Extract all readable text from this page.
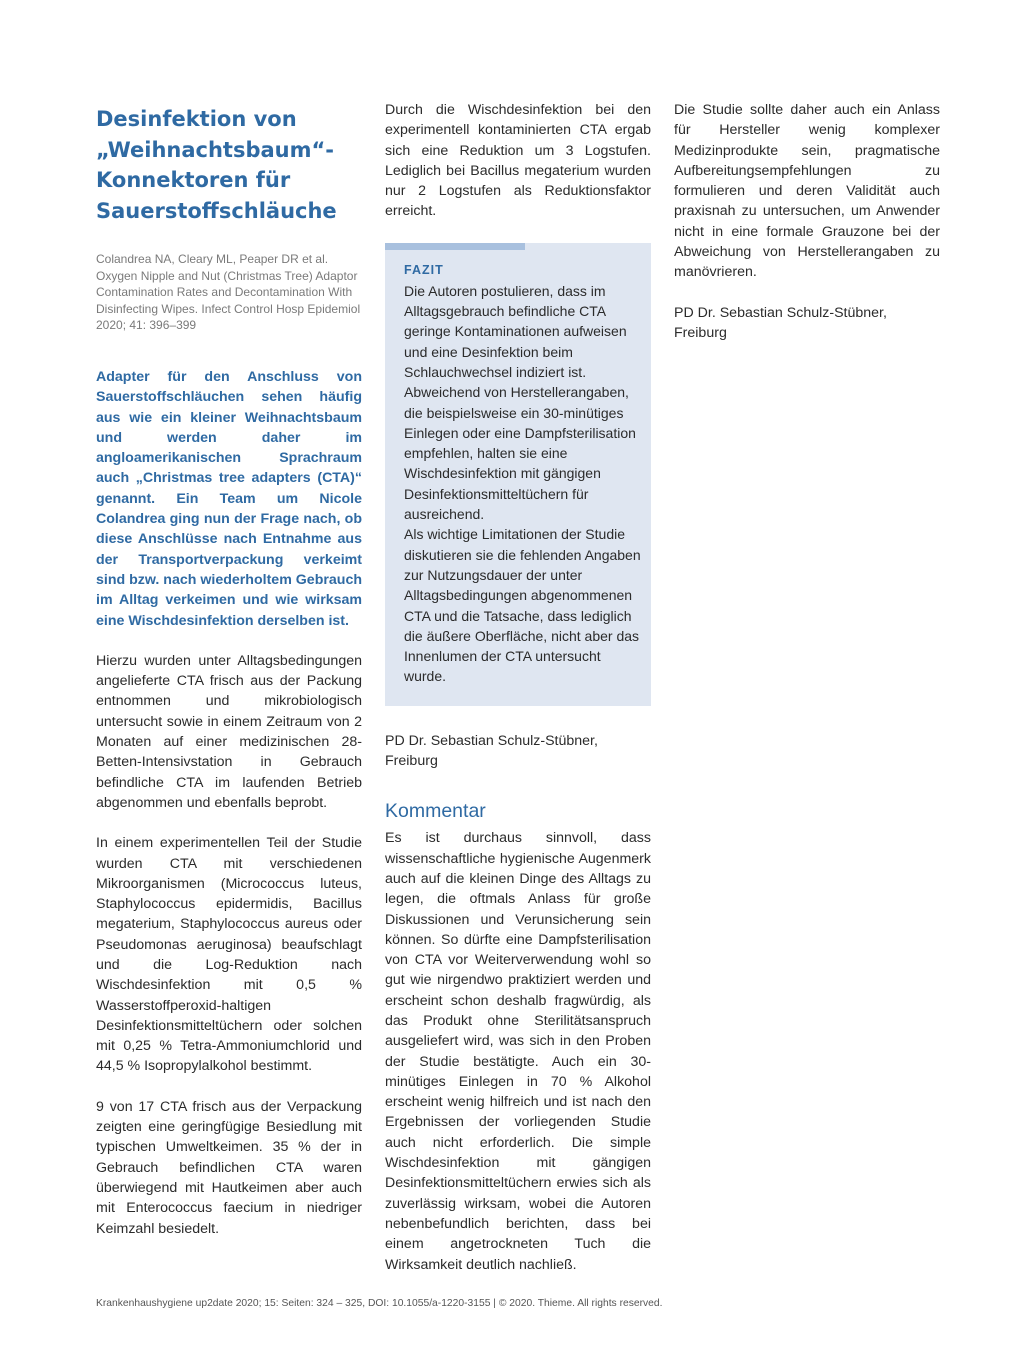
Desinfektion von „Weihnachtsbaum“-Konnektoren für Sauerstoffschläuche

Colandrea NA, Cleary ML, Peaper DR et al. Oxygen Nipple and Nut (Christmas Tree) Adaptor Contamination Rates and Decontamination With Disinfecting Wipes. Infect Control Hosp Epidemiol 2020; 41: 396–399

Adapter für den Anschluss von Sauerstoffschläuchen sehen häufig aus wie ein kleiner Weihnachtsbaum und werden daher im angloamerikanischen Sprachraum auch „Christmas tree adapters (CTA)“ genannt. Ein Team um Nicole Colandrea ging nun der Frage nach, ob diese Anschlüsse nach Entnahme aus der Transportverpackung verkeimt sind bzw. nach wiederholtem Gebrauch im Alltag verkeimen und wie wirksam eine Wischdesinfektion derselben ist.

Hierzu wurden unter Alltagsbedingungen angelieferte CTA frisch aus der Packung entnommen und mikrobiologisch untersucht sowie in einem Zeitraum von 2 Monaten auf einer medizinischen 28-Betten-Intensivstation in Gebrauch befindliche CTA im laufenden Betrieb abgenommen und ebenfalls beprobt.

In einem experimentellen Teil der Studie wurden CTA mit verschiedenen Mikroorganismen (Micrococcus luteus, Staphylococcus epidermidis, Bacillus megaterium, Staphylococcus aureus oder Pseudomonas aeruginosa) beaufschlagt und die Log-Reduktion nach Wischdesinfektion mit 0,5 % Wasserstoffperoxid-haltigen Desinfektionsmitteltüchern oder solchen mit 0,25 % Tetra-Ammoniumchlorid und 44,5 % Isopropylalkohol bestimmt.

9 von 17 CTA frisch aus der Verpackung zeigten eine geringfügige Besiedlung mit typischen Umweltkeimen. 35 % der in Gebrauch befindlichen CTA waren überwiegend mit Hautkeimen aber auch mit Enterococcus faecium in niedriger Keimzahl besiedelt.

Durch die Wischdesinfektion bei den experimentell kontaminierten CTA ergab sich eine Reduktion um 3 Logstufen. Lediglich bei Bacillus megaterium wurden nur 2 Logstufen als Reduktionsfaktor erreicht.

FAZIT

Die Autoren postulieren, dass im Alltagsgebrauch befindliche CTA geringe Kontaminationen aufweisen und eine Desinfektion beim Schlauchwechsel indiziert ist. Abweichend von Herstellerangaben, die beispielsweise ein 30-minütiges Einlegen oder eine Dampfsterilisation empfehlen, halten sie eine Wischdesinfektion mit gängigen Desinfektionsmitteltüchern für ausreichend.

Als wichtige Limitationen der Studie diskutieren sie die fehlenden Angaben zur Nutzungsdauer der unter Alltagsbedingungen abgenommenen CTA und die Tatsache, dass lediglich die äußere Oberfläche, nicht aber das Innenlumen der CTA untersucht wurde.

PD Dr. Sebastian Schulz-Stübner, Freiburg

Kommentar

Es ist durchaus sinnvoll, dass wissenschaftliche hygienische Augenmerk auch auf die kleinen Dinge des Alltags zu legen, die oftmals Anlass für große Diskussionen und Verunsicherung sein können. So dürfte eine Dampfsterilisation von CTA vor Weiterverwendung wohl so gut wie nirgendwo praktiziert werden und erscheint schon deshalb fragwürdig, als das Produkt ohne Sterilitätsanspruch ausgeliefert wird, was sich in den Proben der Studie bestätigte. Auch ein 30-minütiges Einlegen in 70 % Alkohol erscheint wenig hilfreich und ist nach den Ergebnissen der vorliegenden Studie auch nicht erforderlich. Die simple Wischdesinfektion mit gängigen Desinfektionsmitteltüchern erwies sich als zuverlässig wirksam, wobei die Autoren nebenbefundlich berichten, dass bei einem angetrockneten Tuch die Wirksamkeit deutlich nachließ.

Die Studie sollte daher auch ein Anlass für Hersteller wenig komplexer Medizinprodukte sein, pragmatische Aufbereitungsempfehlungen zu formulieren und deren Validität auch praxisnah zu untersuchen, um Anwender nicht in eine formale Grauzone bei der Abweichung von Herstellerangaben zu manövrieren.

PD Dr. Sebastian Schulz-Stübner, Freiburg

Krankenhaushygiene up2date 2020; 15: Seiten: 324 – 325, DOI: 10.1055/a-1220-3155 | © 2020. Thieme. All rights reserved.
